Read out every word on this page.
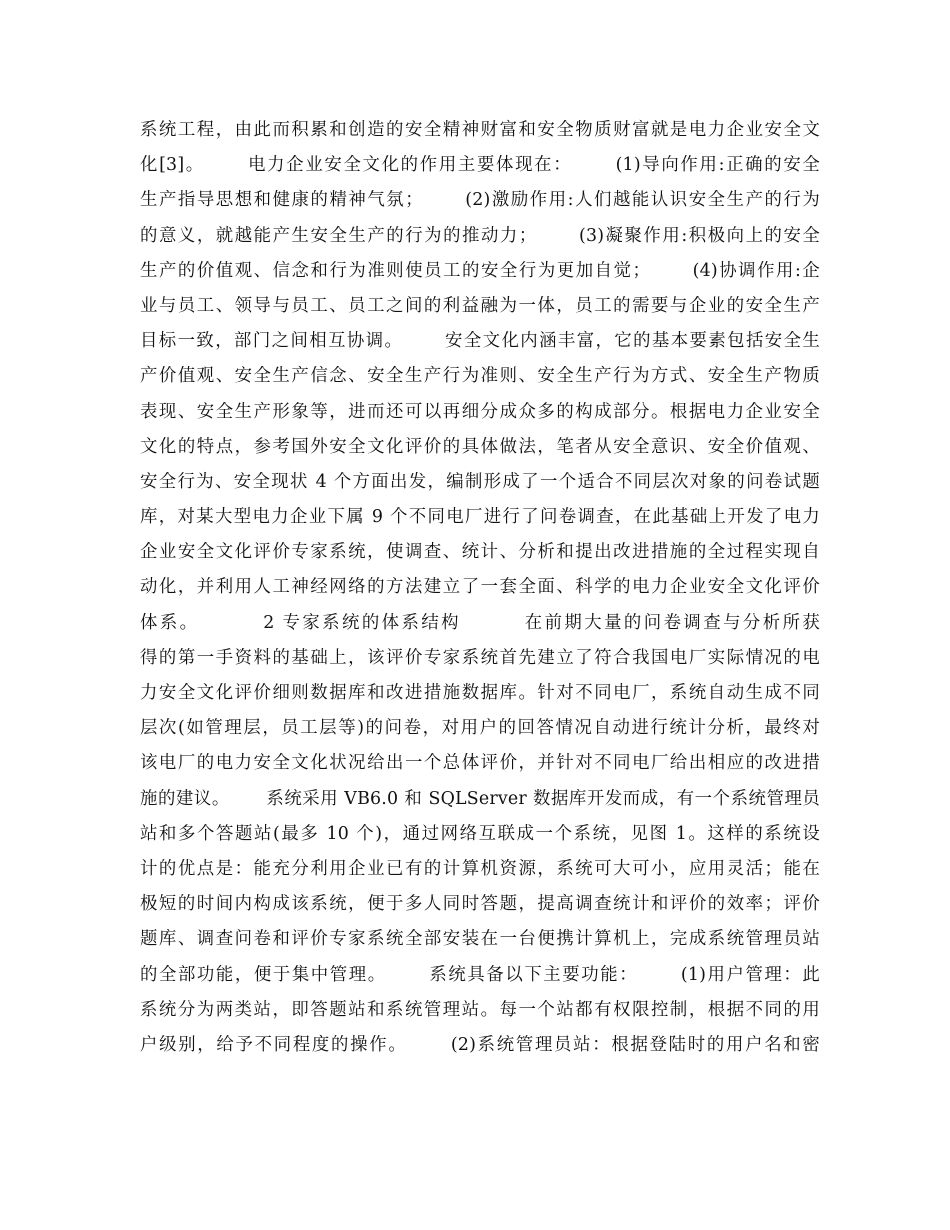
系统工程，由此而积累和创造的安全精神财富和安全物质财富就是电力企业安全文
化[3]。      电力企业安全文化的作用主要体现在：      (1)导向作用:正确的安全
生产指导思想和健康的精神气氛；      (2)激励作用:人们越能认识安全生产的行为
的意义，就越能产生安全生产的行为的推动力；      (3)凝聚作用:积极向上的安全
生产的价值观、信念和行为准则使员工的安全行为更加自觉；      (4)协调作用:企
业与员工、领导与员工、员工之间的利益融为一体，员工的需要与企业的安全生产
目标一致，部门之间相互协调。      安全文化内涵丰富，它的基本要素包括安全生
产价值观、安全生产信念、安全生产行为准则、安全生产行为方式、安全生产物质
表现、安全生产形象等，进而还可以再细分成众多的构成部分。根据电力企业安全
文化的特点，参考国外安全文化评价的具体做法，笔者从安全意识、安全价值观、
安全行为、安全现状 4 个方面出发，编制形成了一个适合不同层次对象的问卷试题
库，对某大型电力企业下属 9 个不同电厂进行了问卷调查，在此基础上开发了电力
企业安全文化评价专家系统，使调查、统计、分析和提出改进措施的全过程实现自
动化，并利用人工神经网络的方法建立了一套全面、科学的电力企业安全文化评价
体系。        2 专家系统的体系结构        在前期大量的问卷调查与分析所获
得的第一手资料的基础上，该评价专家系统首先建立了符合我国电厂实际情况的电
力安全文化评价细则数据库和改进措施数据库。针对不同电厂，系统自动生成不同
层次(如管理层，员工层等)的问卷，对用户的回答情况自动进行统计分析，最终对
该电厂的电力安全文化状况给出一个总体评价，并针对不同电厂给出相应的改进措
施的建议。      系统采用 VB6.0 和 SQLServer 数据库开发而成，有一个系统管理员
站和多个答题站(最多 10 个)，通过网络互联成一个系统，见图 1。这样的系统设
计的优点是：能充分利用企业已有的计算机资源，系统可大可小，应用灵活；能在
极短的时间内构成该系统，便于多人同时答题，提高调查统计和评价的效率；评价
题库、调查问卷和评价专家系统全部安装在一台便携计算机上，完成系统管理员站
的全部功能，便于集中管理。      系统具备以下主要功能：      (1)用户管理：此
系统分为两类站，即答题站和系统管理站。每一个站都有权限控制，根据不同的用
户级别，给予不同程度的操作。      (2)系统管理员站：根据登陆时的用户名和密
